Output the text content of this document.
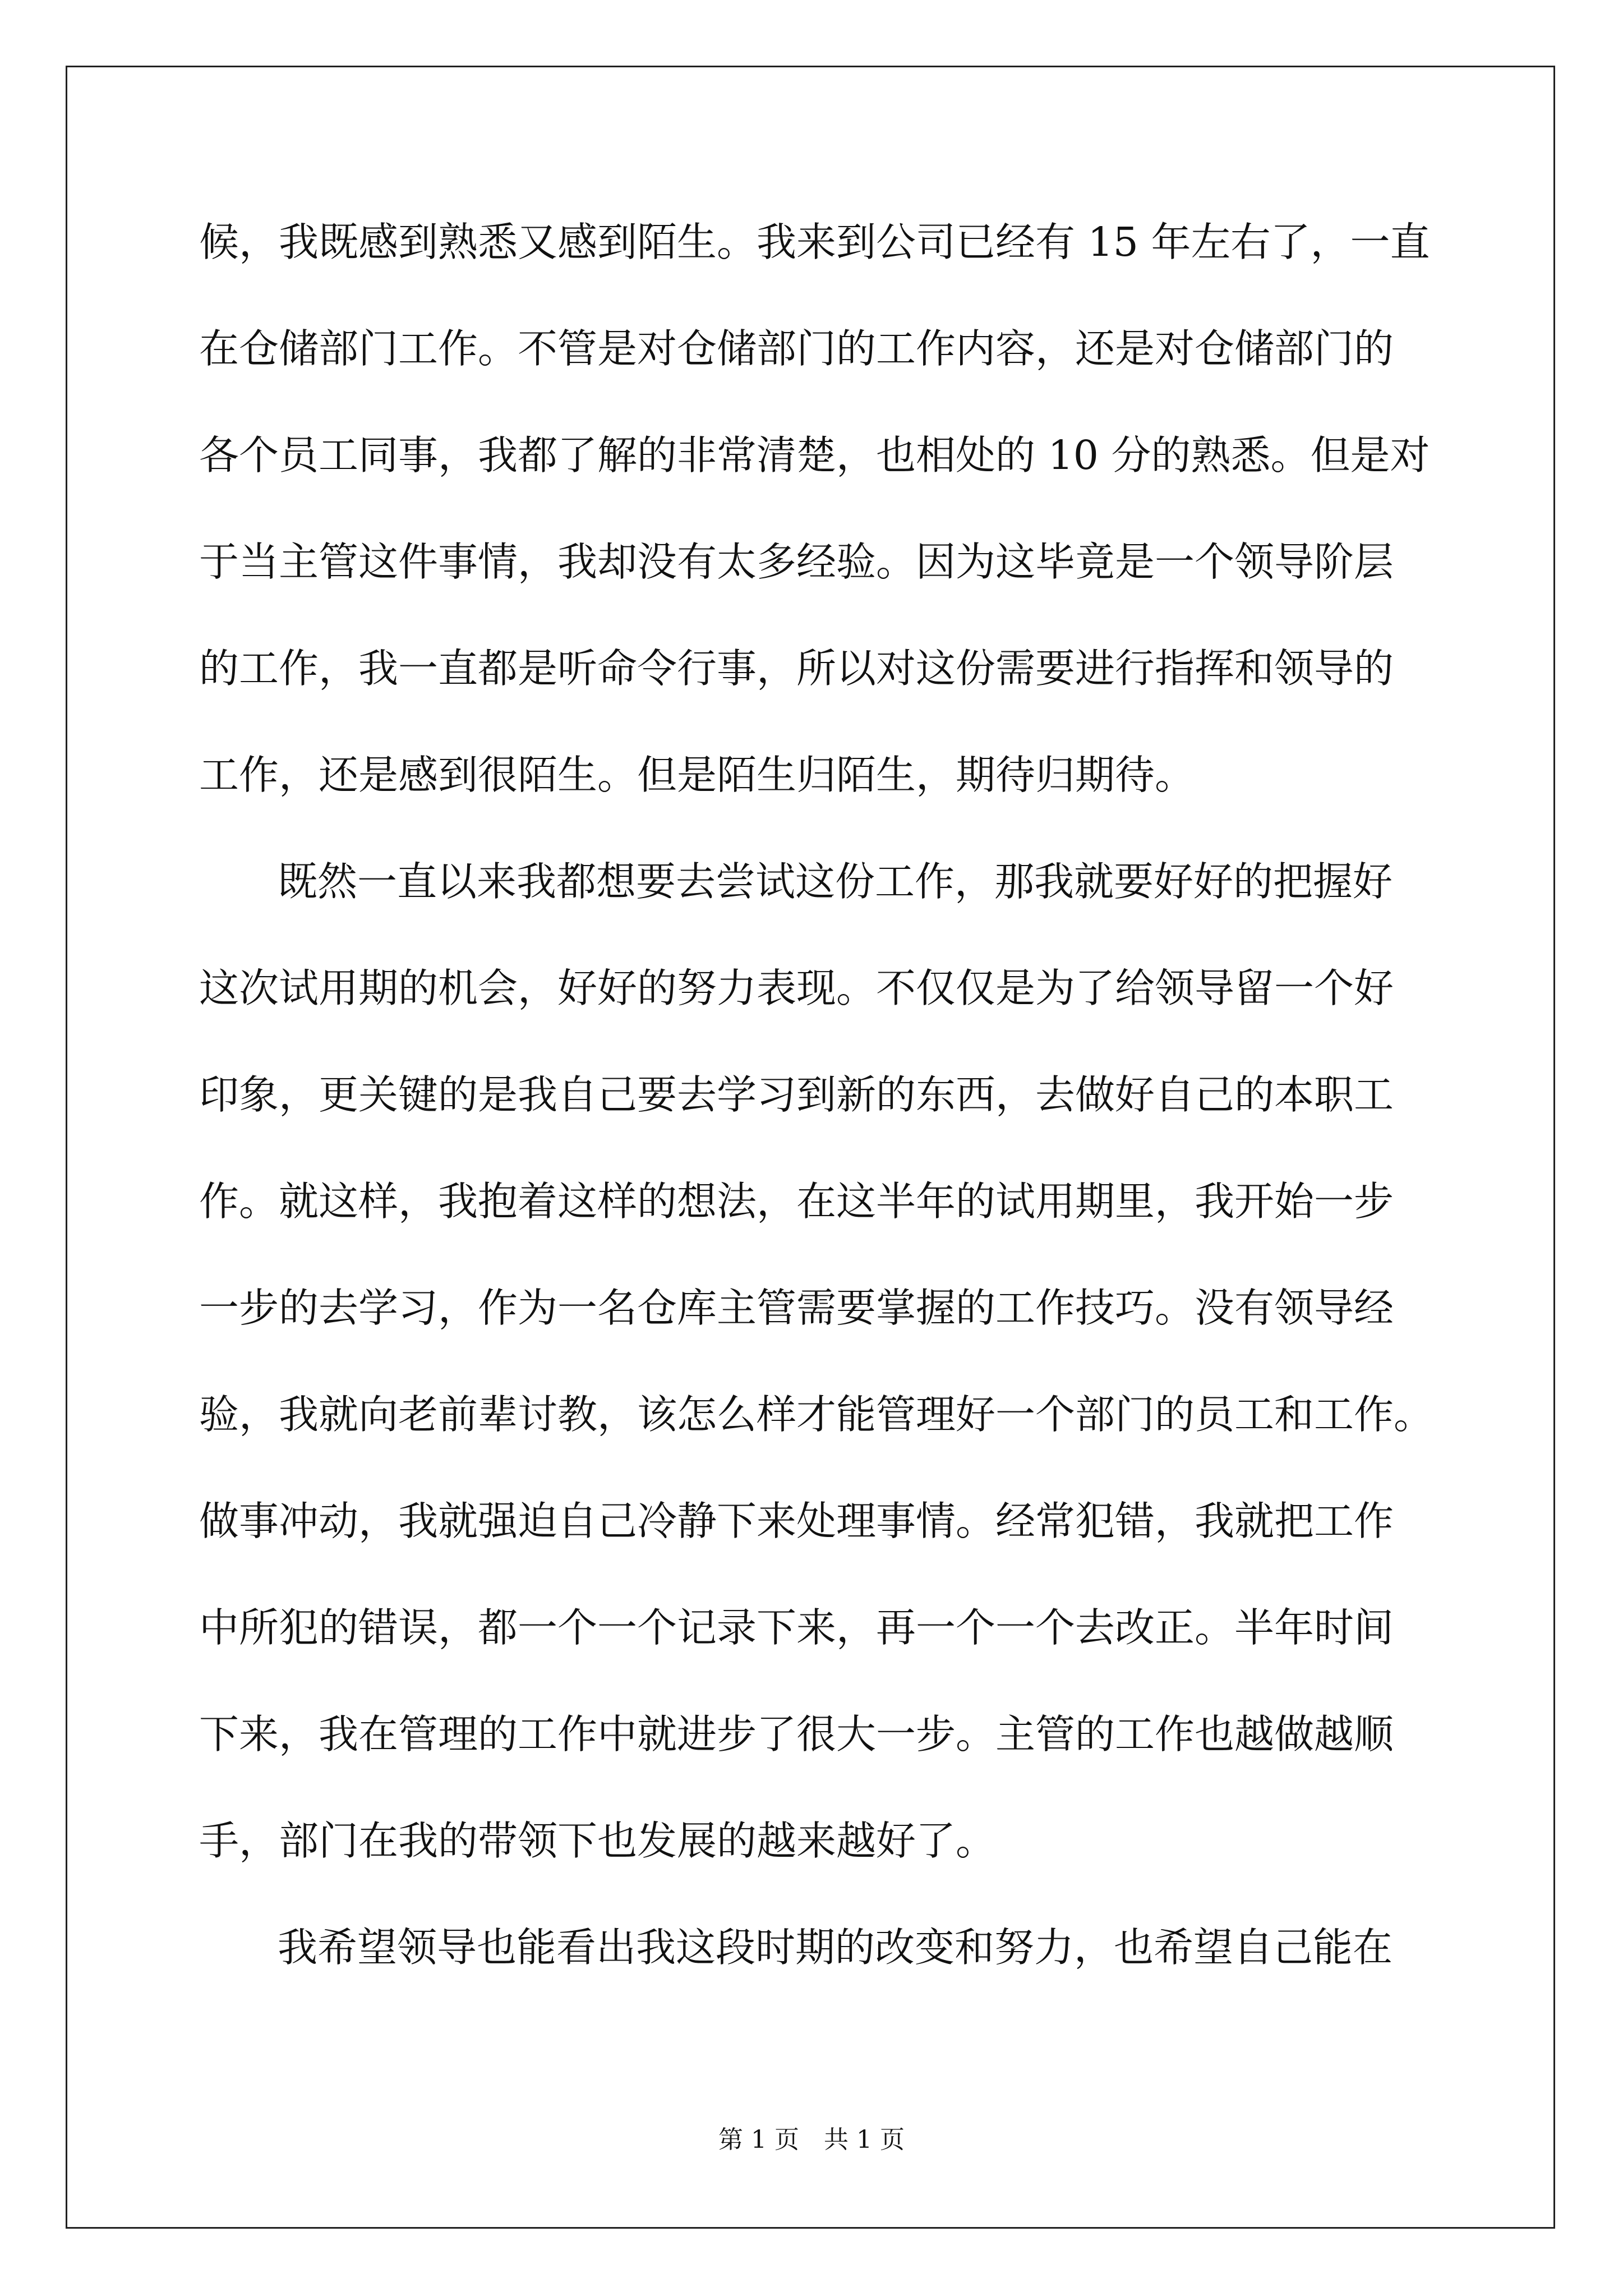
候，我既感到熟悉又感到陌生。我来到公司已经有 15 年左右了，一直
在仓储部门工作。不管是对仓储部门的工作内容，还是对仓储部门的
各个员工同事，我都了解的非常清楚，也相处的 10 分的熟悉。但是对
于当主管这件事情，我却没有太多经验。因为这毕竟是一个领导阶层
的工作，我一直都是听命令行事，所以对这份需要进行指挥和领导的
工作，还是感到很陌生。但是陌生归陌生，期待归期待。
既然一直以来我都想要去尝试这份工作，那我就要好好的把握好
这次试用期的机会，好好的努力表现。不仅仅是为了给领导留一个好
印象，更关键的是我自己要去学习到新的东西，去做好自己的本职工
作。就这样，我抱着这样的想法，在这半年的试用期里，我开始一步
一步的去学习，作为一名仓库主管需要掌握的工作技巧。没有领导经
验，我就向老前辈讨教，该怎么样才能管理好一个部门的员工和工作。
做事冲动，我就强迫自己冷静下来处理事情。经常犯错，我就把工作
中所犯的错误，都一个一个记录下来，再一个一个去改正。半年时间
下来，我在管理的工作中就进步了很大一步。主管的工作也越做越顺
手，部门在我的带领下也发展的越来越好了。
我希望领导也能看出我这段时期的改变和努力，也希望自己能在
第 1 页　共 1 页
